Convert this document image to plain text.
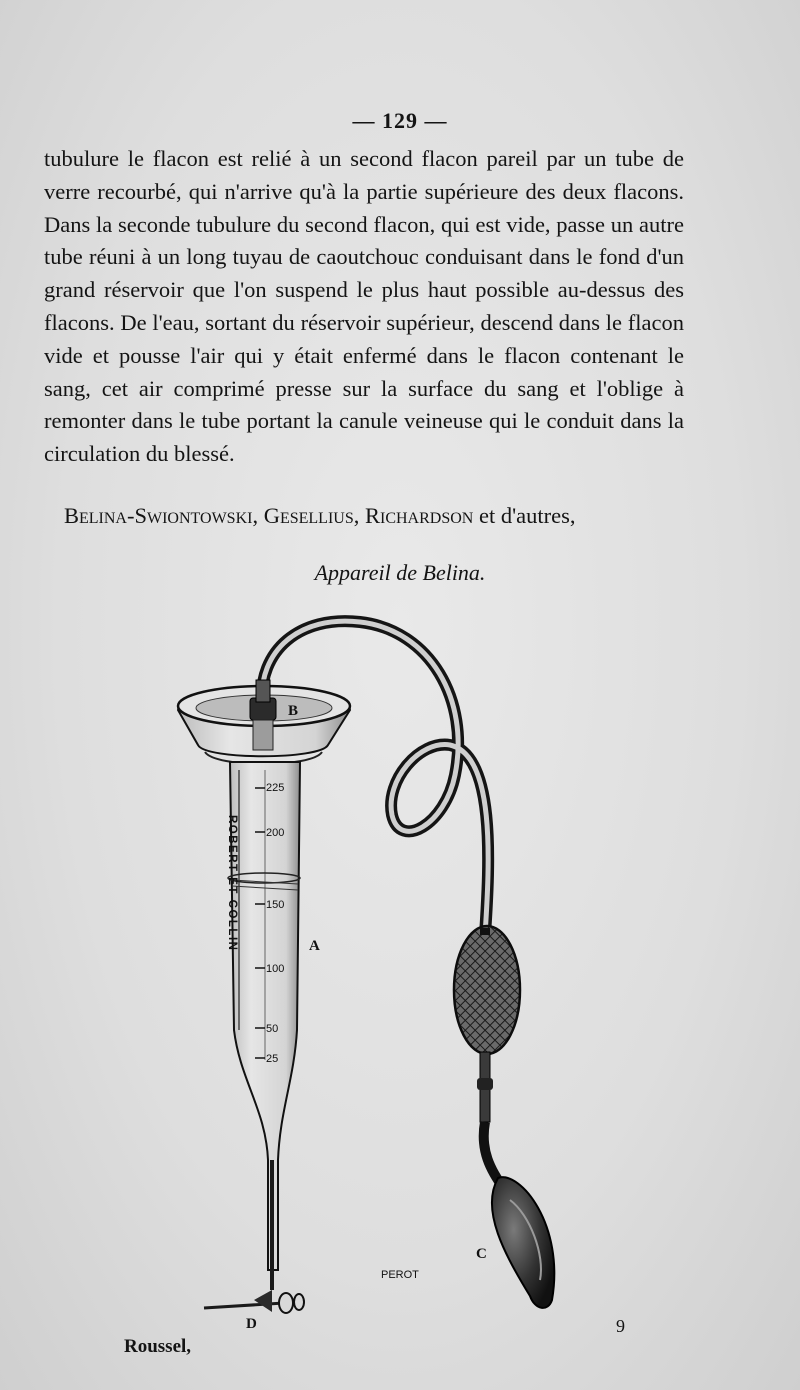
— 129 —

tubulure le flacon est relié à un second flacon pareil par un tube de verre recourbé, qui n'arrive qu'à la partie supérieure des deux flacons. Dans la seconde tubulure du second flacon, qui est vide, passe un autre tube réuni à un long tuyau de caoutchouc conduisant dans le fond d'un grand réservoir que l'on suspend le plus haut possible au-dessus des flacons. De l'eau, sortant du réservoir supérieur, descend dans le flacon vide et pousse l'air qui y était enfermé dans le flacon contenant le sang, cet air comprimé presse sur la surface du sang et l'oblige à remonter dans le tube portant la canule veineuse qui le conduit dans la circulation du blessé.

Belina-Swiontowski, Gesellius, Richardson et d'autres,
Appareil de Belina.
225
200
150
100
50
25
ROBERT ET COLLIN
B
A
C
D
PEROT
Roussel,
9
